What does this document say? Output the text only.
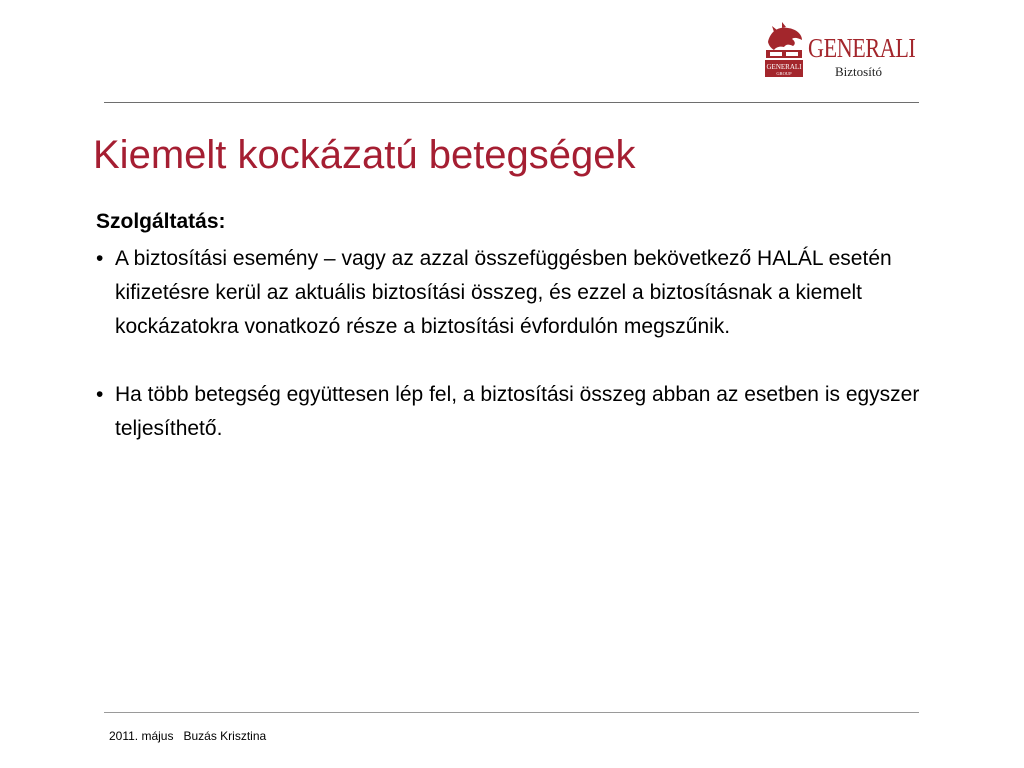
GENERALI
GROUP
GENERALI
Biztosító
Kiemelt kockázatú betegségek
Szolgáltatás:
• A biztosítási esemény – vagy az azzal összefüggésben bekövetkező HALÁL esetén kifizetésre kerül az aktuális biztosítási összeg, és ezzel a biztosításnak a kiemelt kockázatokra vonatkozó része a biztosítási évfordulón megszűnik.
• Ha több betegség együttesen lép fel, a biztosítási összeg abban az esetben is egyszer teljesíthető.
2011. május   Buzás Krisztina
